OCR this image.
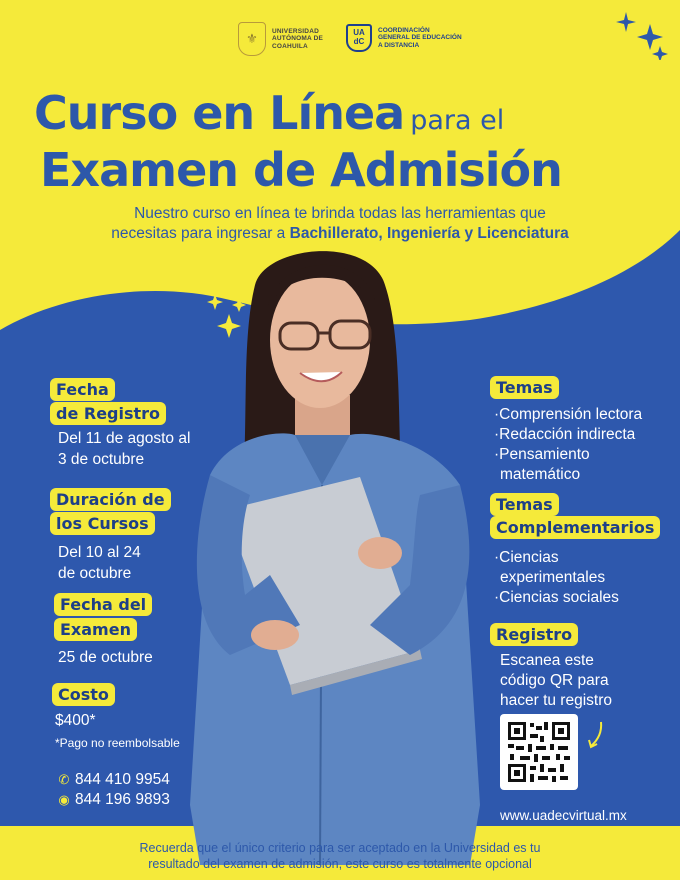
⚜
UNIVERSIDAD
AUTÓNOMA DE
COAHUILA
UA
dC
COORDINACIÓN
GENERAL DE EDUCACIÓN
A DISTANCIA
Curso en Línea para el
Examen de Admisión
Nuestro curso en línea te brinda todas las herramientas que
necesitas para ingresar a Bachillerato, Ingeniería y Licenciatura
Fecha
de Registro
Del 11 de agosto al
3 de octubre
Duración de
los Cursos
Del 10 al 24
de octubre
Fecha del
Examen
25 de octubre
Costo
$400*
*Pago no reembolsable
✆ 844 410 9954
◉ 844 196 9893
Temas
·Comprensión lectora
·Redacción indirecta
·Pensamiento
matemático
Temas
Complementarios
·Ciencias
experimentales
·Ciencias sociales
Registro
Escanea este
código QR para
hacer tu registro
www.uadecvirtual.mx
Recuerda que el único criterio para ser aceptado en la Universidad es tu
resultado del examen de admisión, este curso es totalmente opcional
